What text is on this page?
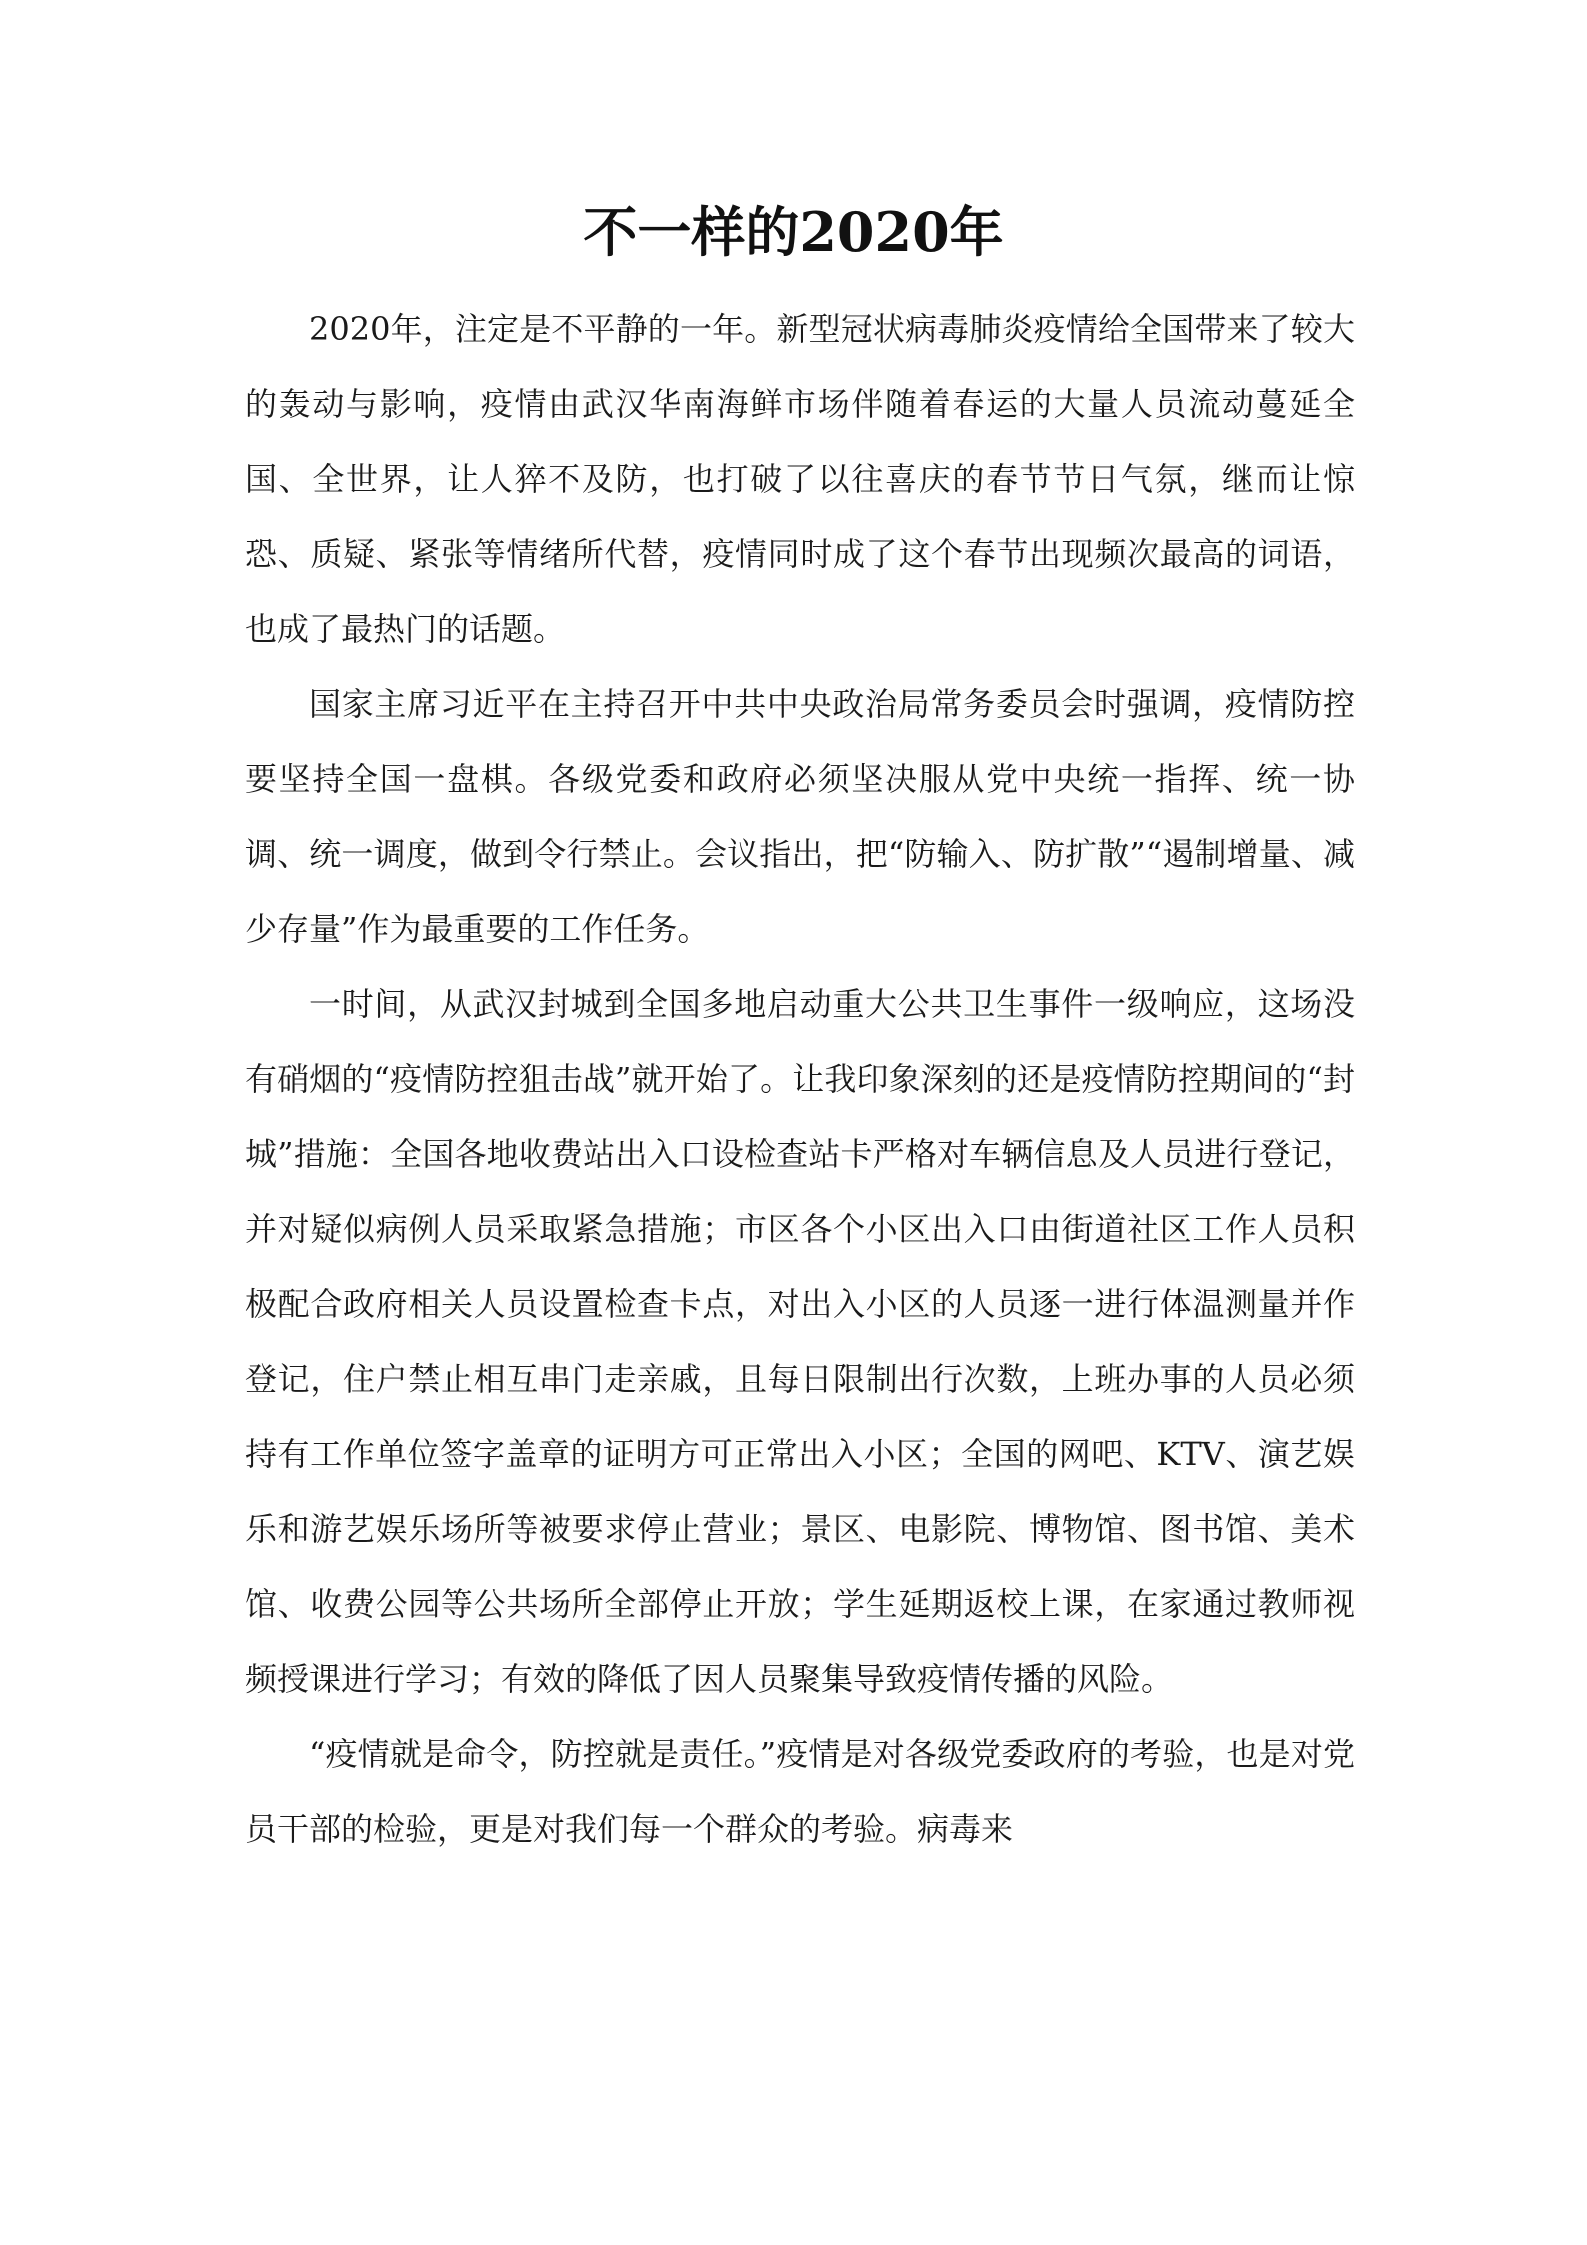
不一样的2020年

2020年，注定是不平静的一年。新型冠状病毒肺炎疫情给全国带来了较大的轰动与影响，疫情由武汉华南海鲜市场伴随着春运的大量人员流动蔓延全国、全世界，让人猝不及防，也打破了以往喜庆的春节节日气氛，继而让惊恐、质疑、紧张等情绪所代替，疫情同时成了这个春节出现频次最高的词语，也成了最热门的话题。

国家主席习近平在主持召开中共中央政治局常务委员会时强调，疫情防控要坚持全国一盘棋。各级党委和政府必须坚决服从党中央统一指挥、统一协调、统一调度，做到令行禁止。会议指出，把“防输入、防扩散”“遏制增量、减少存量”作为最重要的工作任务。

一时间，从武汉封城到全国多地启动重大公共卫生事件一级响应，这场没有硝烟的“疫情防控狙击战”就开始了。让我印象深刻的还是疫情防控期间的“封城”措施：全国各地收费站出入口设检查站卡严格对车辆信息及人员进行登记，并对疑似病例人员采取紧急措施；市区各个小区出入口由街道社区工作人员积极配合政府相关人员设置检查卡点，对出入小区的人员逐一进行体温测量并作登记，住户禁止相互串门走亲戚，且每日限制出行次数，上班办事的人员必须持有工作单位签字盖章的证明方可正常出入小区；全国的网吧、KTV、演艺娱乐和游艺娱乐场所等被要求停止营业；景区、电影院、博物馆、图书馆、美术馆、收费公园等公共场所全部停止开放；学生延期返校上课，在家通过教师视频授课进行学习；有效的降低了因人员聚集导致疫情传播的风险。

“疫情就是命令，防控就是责任。”疫情是对各级党委政府的考验，也是对党员干部的检验，更是对我们每一个群众的考验。病毒来
